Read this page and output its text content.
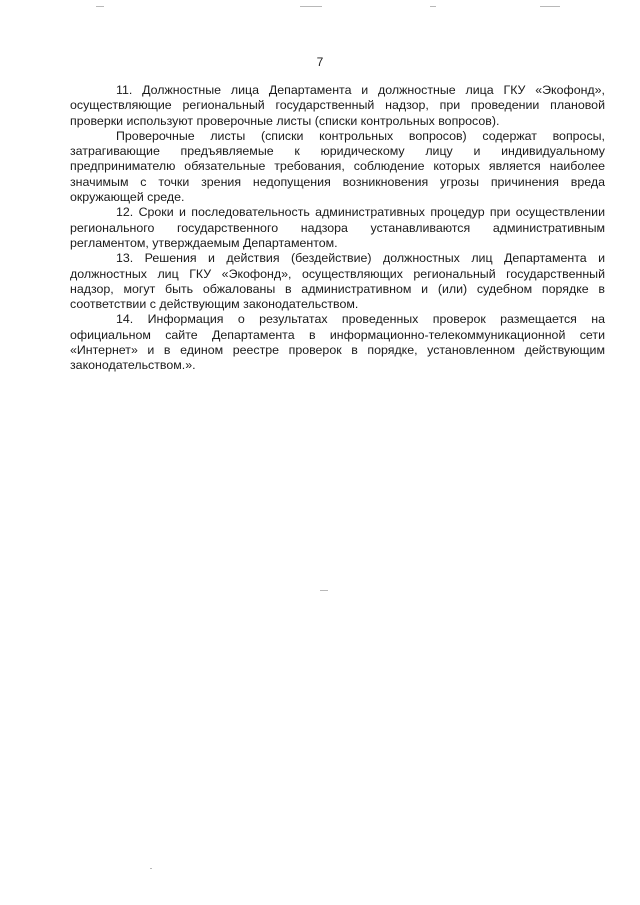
7

11. Должностные лица Департамента и должностные лица ГКУ «Экофонд», осуществляющие региональный государственный надзор, при проведении плановой проверки используют проверочные листы (списки контрольных вопросов).

Проверочные листы (списки контрольных вопросов) содержат вопросы, затрагивающие предъявляемые к юридическому лицу и индивидуальному предпринимателю обязательные требования, соблюдение которых является наиболее значимым с точки зрения недопущения возникновения угрозы причинения вреда окружающей среде.

12. Сроки и последовательность административных процедур при осуществлении регионального государственного надзора устанавливаются административным регламентом, утверждаемым Департаментом.

13. Решения и действия (бездействие) должностных лиц Департамента и должностных лиц ГКУ «Экофонд», осуществляющих региональный государственный надзор, могут быть обжалованы в административном и (или) судебном порядке в соответствии с действующим законодательством.

14. Информация о результатах проведенных проверок размещается на официальном сайте Департамента в информационно-телекоммуникационной сети «Интернет» и в едином реестре проверок в порядке, установленном действующим законодательством.».
